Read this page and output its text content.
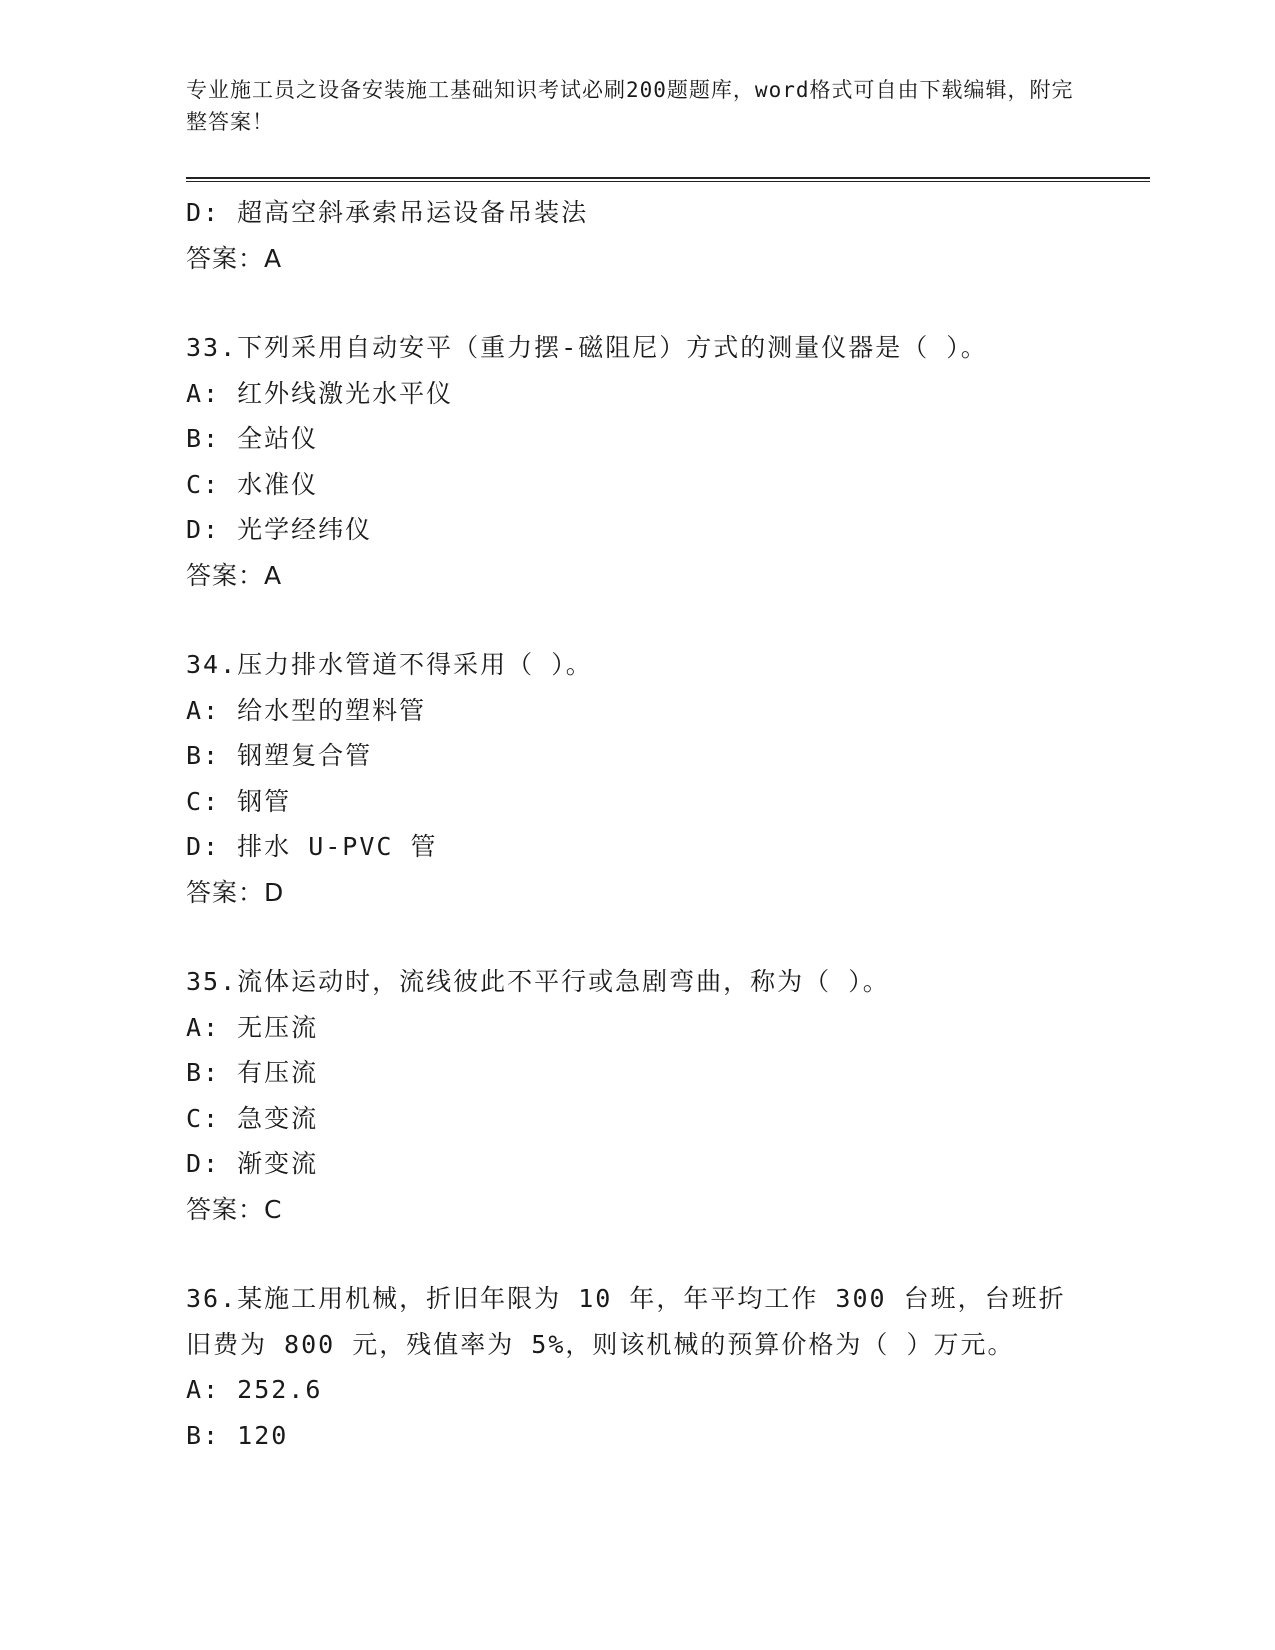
专业施工员之设备安装施工基础知识考试必刷200题题库，word格式可自由下载编辑，附完整答案！

D: 超高空斜承索吊运设备吊装法
答案：A
33.下列采用自动安平（重力摆-磁阻尼）方式的测量仪器是（ ）。
A: 红外线激光水平仪
B: 全站仪
C: 水准仪
D: 光学经纬仪
答案：A
34.压力排水管道不得采用（ ）。
A: 给水型的塑料管
B: 钢塑复合管
C: 钢管
D: 排水 U-PVC 管
答案：D
35.流体运动时，流线彼此不平行或急剧弯曲，称为（ ）。
A: 无压流
B: 有压流
C: 急变流
D: 渐变流
答案：C
36.某施工用机械，折旧年限为 10 年，年平均工作 300 台班，台班折
旧费为 800 元，残值率为 5%，则该机械的预算价格为（ ）万元。
A: 252.6
B: 120
